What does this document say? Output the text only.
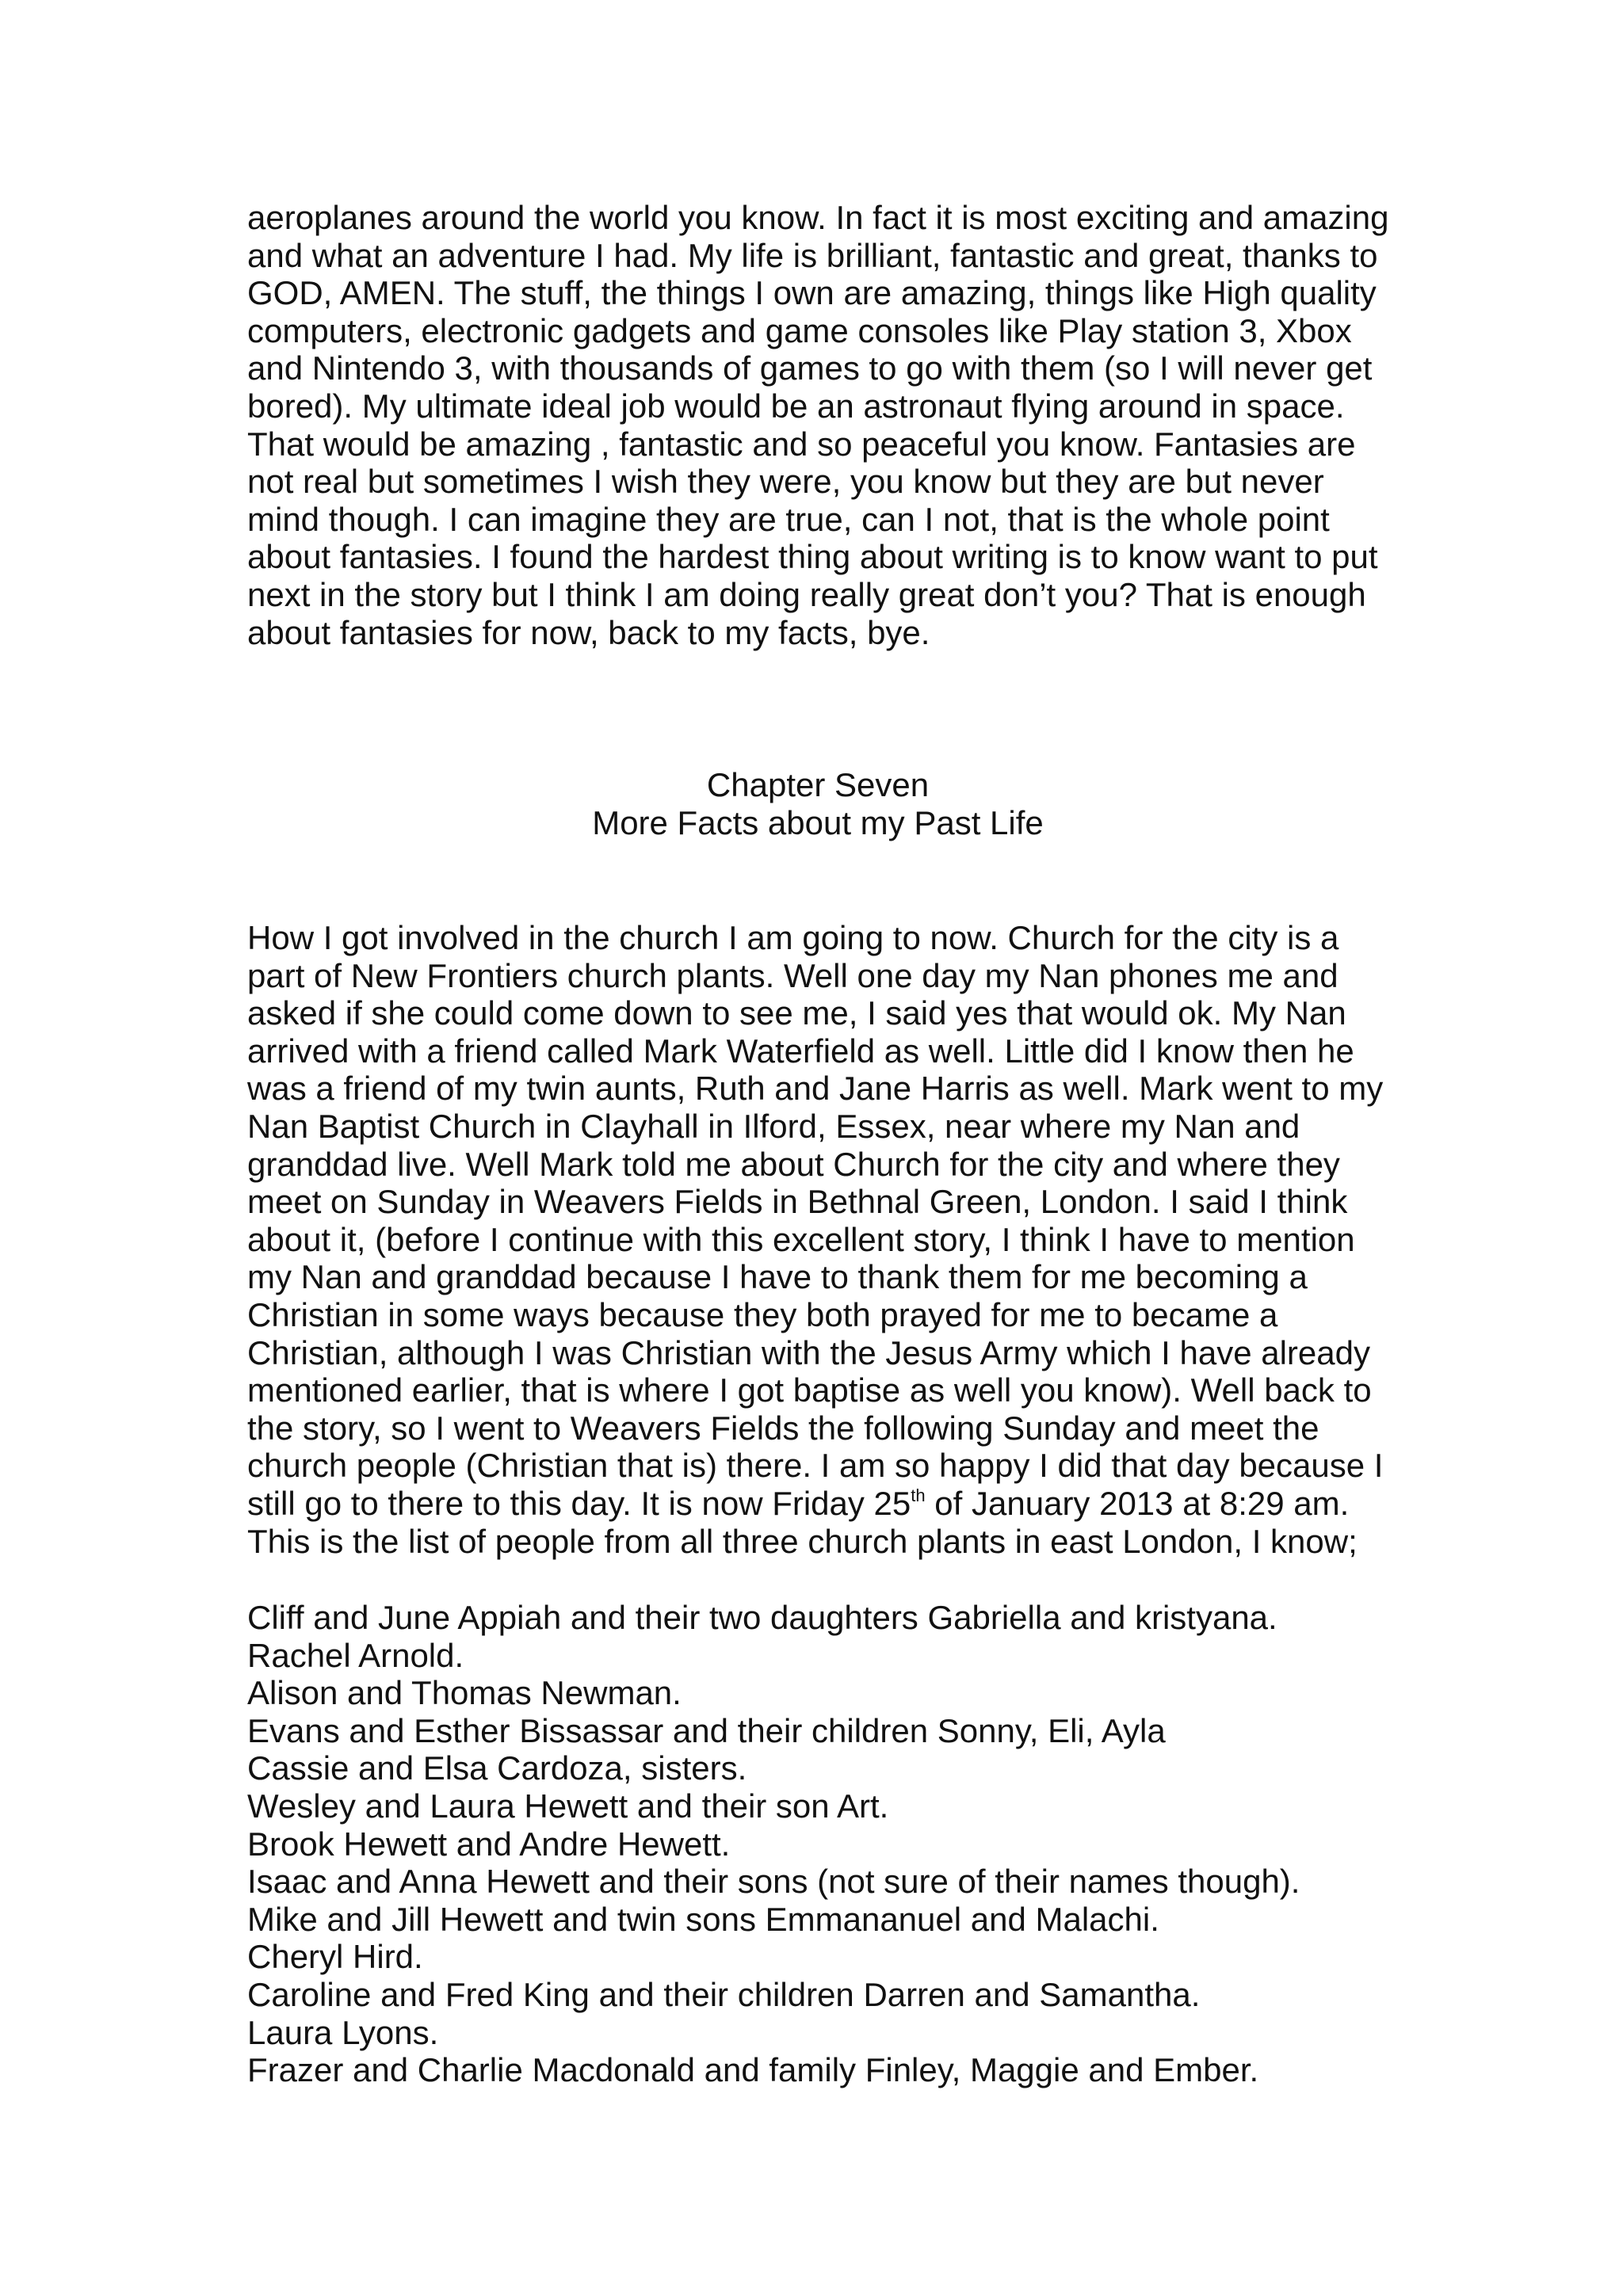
aeroplanes around the world you know. In fact it is most exciting and amazing
and what an adventure I had. My life is brilliant, fantastic and great, thanks to
GOD, AMEN. The stuff, the things I own are amazing, things like High quality
computers, electronic gadgets and game consoles like Play station 3, Xbox
and Nintendo 3, with thousands of games to go with them (so I will never get
bored). My ultimate ideal job would be an astronaut flying around in space.
That would be amazing , fantastic and so peaceful you know. Fantasies are
not real but sometimes I wish they were, you know but they are but never
mind though. I can imagine they are true, can I not, that is the whole point
about fantasies. I found the hardest thing about writing is to know want to put
next in the story but I think I am doing really great don’t you? That is enough
about fantasies for now, back to my facts, bye.
Chapter Seven
More Facts about my Past Life
How I got involved in the church I am going to now. Church for the city is a
part of New Frontiers church plants. Well one day my Nan phones me and
asked if she could come down to see me, I said yes that would ok. My Nan
arrived with a friend called Mark Waterfield as well. Little did I know then he
was a friend of my twin aunts, Ruth and Jane Harris as well. Mark went to my
Nan Baptist Church in Clayhall in Ilford, Essex, near where my Nan and
granddad live. Well Mark told me about Church for the city and where they
meet on Sunday in Weavers Fields in Bethnal Green, London. I said I think
about it, (before I continue with this excellent story, I think I have to mention
my Nan and granddad because I have to thank them for me becoming a
Christian in some ways because they both prayed for me to became a
Christian, although I was Christian with the Jesus Army which I have already
mentioned earlier, that is where I got baptise as well you know). Well back to
the story, so I went to Weavers Fields the following Sunday and meet the
church people (Christian that is) there. I am so happy I did that day because I
still go to there to this day. It is now Friday 25th of January 2013 at 8:29 am.
This is the list of people from all three church plants in east London, I know;
Cliff and June Appiah and their two daughters Gabriella and kristyana.
Rachel Arnold.
Alison and Thomas Newman.
Evans and Esther Bissassar and their children Sonny, Eli, Ayla
Cassie and Elsa Cardoza, sisters.
Wesley and Laura Hewett and their son Art.
Brook Hewett and Andre Hewett.
Isaac and Anna Hewett and their sons (not sure of their names though).
Mike and Jill Hewett and twin sons Emmananuel and Malachi.
Cheryl Hird.
Caroline and Fred King and their children Darren and Samantha.
Laura Lyons.
Frazer and Charlie Macdonald and family Finley, Maggie and Ember.
